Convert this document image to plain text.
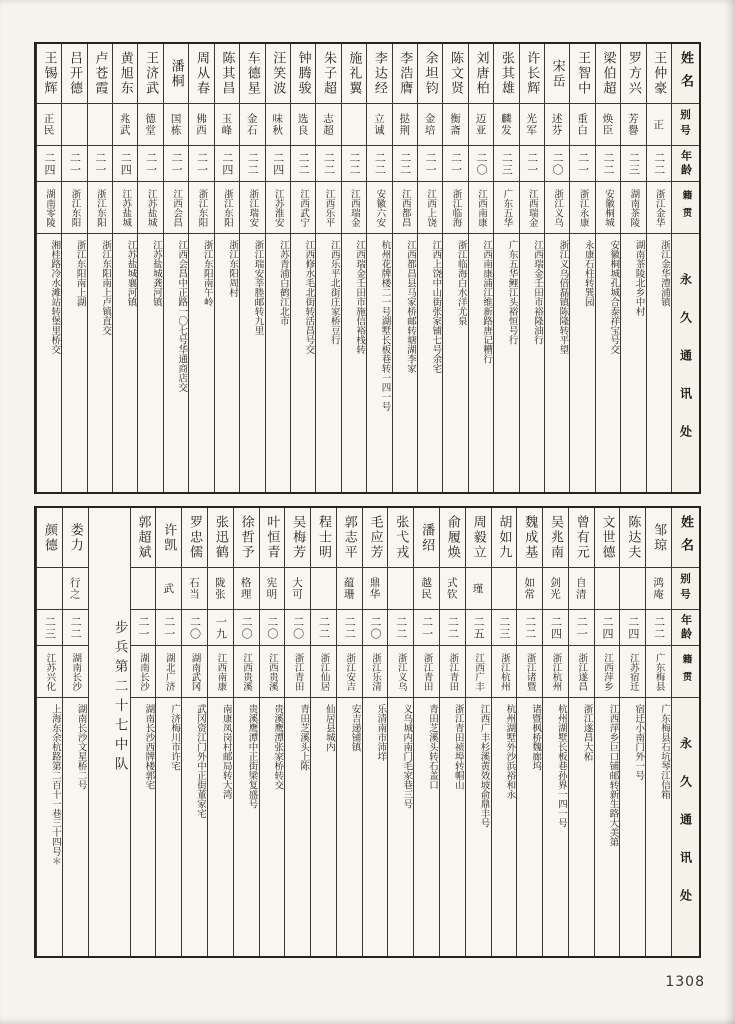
姓名
别号
年龄
籍贯
永久通讯处
王仲豪
正
二二
浙江金华
浙江金华澧浦镇
罗方兴
芳譽
二三
湖南茶陵
湖南茶陵北乡中村
梁伯超
焕臣
二二
安徽桐城
安徽桐城孔城合泰祥宝号交
王智中
重白
二一
浙江永康
永康石柱转巽园
宋岳
述芬
二〇
浙江义乌
浙江义乌倍磊镇陈隆转平望
许长辉
光军
二一
江西瑞金
江西瑞金壬田市裕隆油行
张其雄
麟发
二三
广东五华
广东五华鲤江头裕恒号行
刘唐柏
迈亚
二〇
江西南康
江西南康浦江维新路唐记糟行
陈文贤
衡斋
二一
浙江临海
浙江临海白水洋尤泉
余坦钧
金培
二一
江西上饶
江西上饶中山街张家铺七号余宅
李浩膺
挞荆
二二
江西都昌
江西都昌县马家桥邮转塘湖李家
李达经
立诚
二二
安徽六安
杭州花牌楼二一号湖墅长板巷转一四一号
施礼翼
二二
江西瑞金
江西瑞金壬田市施信裕栈转
朱子超
志超
二二
江西乐平
江西乐平北街庄家桥豆行
钟腾骏
选良
二二
江西武宁
江西修水毛北街转活昌号交
汪笑波
味秋
二四
江苏淮安
江苏青浦白鹤江北市
车德星
金石
二二
浙江瑞安
浙江瑞安莘塍邮转九里
陈其昌
玉峰
二四
浙江东阳
浙江东阳周村
周从春
佛西
二一
浙江东阳
浙江东阳南午岭
潘桐
国栋
二一
江西会昌
江西会昌中正路一〇七号华通商店交
王济武
德堂
二一
江苏盐城
江苏盐城龚河镇
黄旭东
兆武
二四
江苏盐城
江苏盐城襄河镇
卢苍霞
二一
浙江东阳
浙江东阳南上卢镇直交
吕开德
二一
浙江东阳
浙江东阳南上湖
王锡辉
正民
二四
湖南零陵
湘桂路冷水滩站转堡里桥交
姓名
别号
年龄
籍贯
永久通讯处
邹琼
鸿庵
二二
广东梅县
广东梅县石坑琴江信箱
陈达夫
二四
江苏宿迁
宿迁小南门外一号
文世德
二四
江西萍乡
江西萍乡巨口铺邮转新生路大美第
曾有元
自清
二一
浙江遂昌
浙江遂昌大柘
吴兆南
剑光
二四
浙江杭州
杭州湖墅长板巷孙界一四一号
魏成基
如常
二二
浙江诸暨
诸暨枫桥魏廊坞
胡如九
二三
浙江杭州
杭州湖墅外沙浜裕和永
周毅立
瑾
二五
江西广丰
江西广丰杉溪黄效坡俞鼎丰号
俞履焕
式钦
二二
浙江青田
浙江青田祯埠转帽山
潘绍
越民
二一
浙江青田
青田芝溪头转石盖口
张弋戎
二二
浙江义乌
义乌城内南门毛家巷三号
毛应芳
鼎华
二〇
浙江乐清
乐清南市沛垟
郭志平
蕴珊
二二
浙江安吉
安吉递铺镇
程士明
二二
浙江仙居
仙居县城内
吴梅芳
大可
二〇
浙江青田
青田芝溪头上陈
叶恒青
宪明
二〇
江西贵溪
贵溪鹰潭张家桥转交
徐哲予
格理
二〇
江西贵溪
贵溪鹰潭中正街梁复盛号
张迅鹤
陇张
一九
江西南康
南康凤岗村邮局转大湾
罗忠儒
石当
二〇
湖南武冈
武冈资江门外中正街董家宅
许凯
武
二一
湖北广济
广济梅川市许宅
郭超斌
二一
湖南长沙
湖南长沙西牌楼郭宅
步兵第二十七中队
娄力
行之
二二
湖南长沙
湖南长沙文星桥二号
颜德
二三
江苏兴化
上海东余杭路第二百十一巷三十四号＊
1308
